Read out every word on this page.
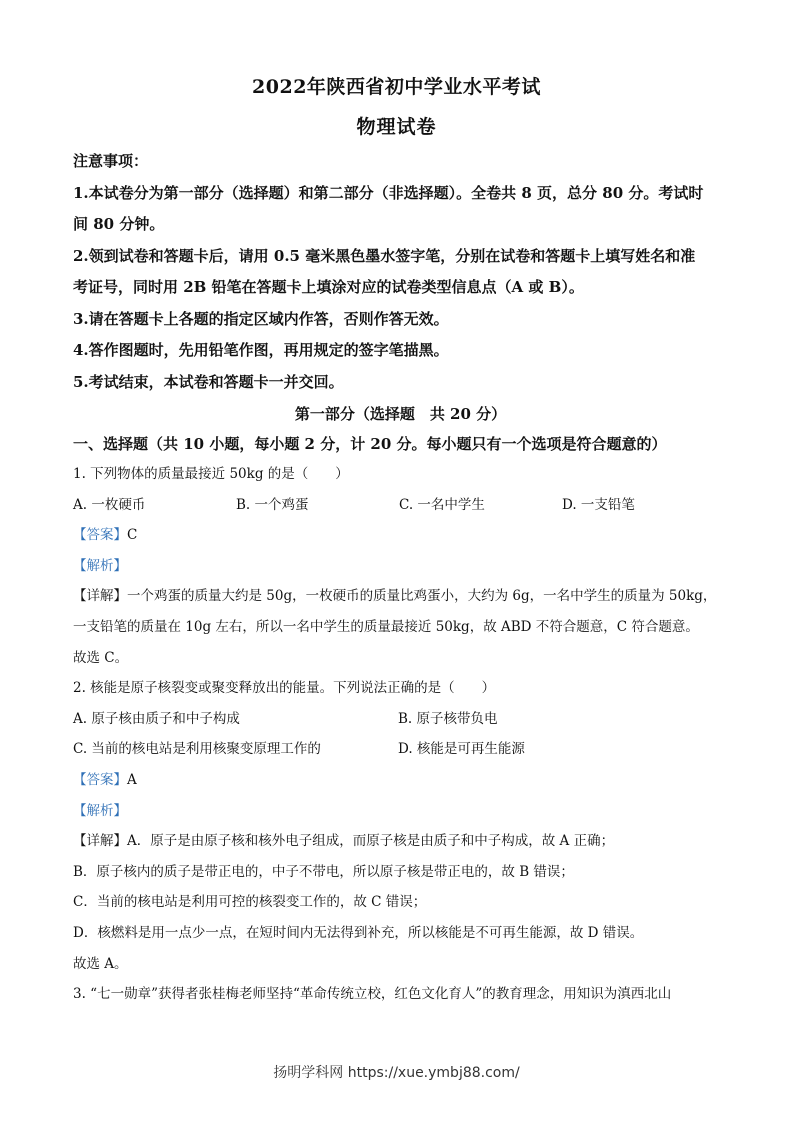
2022年陕西省初中学业水平考试
物理试卷
注意事项：
1.本试卷分为第一部分（选择题）和第二部分（非选择题）。全卷共 8 页，总分 80 分。考试时
间 80 分钟。
2.领到试卷和答题卡后，请用 0.5 毫米黑色墨水签字笔，分别在试卷和答题卡上填写姓名和准
考证号，同时用 2B 铅笔在答题卡上填涂对应的试卷类型信息点（A 或 B）。
3.请在答题卡上各题的指定区域内作答，否则作答无效。
4.答作图题时，先用铅笔作图，再用规定的签字笔描黑。
5.考试结束，本试卷和答题卡一并交回。
第一部分（选择题　共 20 分）
一、选择题（共 10 小题，每小题 2 分，计 20 分。每小题只有一个选项是符合题意的）
1. 下列物体的质量最接近 50kg 的是（　　）
A. 一枚硬币	B. 一个鸡蛋	C. 一名中学生	D. 一支铅笔
【答案】C
【解析】
【详解】一个鸡蛋的质量大约是 50g，一枚硬币的质量比鸡蛋小，大约为 6g，一名中学生的质量为 50kg，
一支铅笔的质量在 10g 左右，所以一名中学生的质量最接近 50kg，故 ABD 不符合题意，C 符合题意。
故选 C。
2. 核能是原子核裂变或聚变释放出的能量。下列说法正确的是（　　）
A. 原子核由质子和中子构成	B. 原子核带负电
C. 当前的核电站是利用核聚变原理工作的	D. 核能是可再生能源
【答案】A
【解析】
【详解】A．原子是由原子核和核外电子组成，而原子核是由质子和中子构成，故 A 正确；
B．原子核内的质子是带正电的，中子不带电，所以原子核是带正电的，故 B 错误；
C．当前的核电站是利用可控的核裂变工作的，故 C 错误；
D．核燃料是用一点少一点，在短时间内无法得到补充，所以核能是不可再生能源，故 D 错误。
故选 A。
3. “七一勋章”获得者张桂梅老师坚持“革命传统立校，红色文化育人”的教育理念，用知识为滇西北山
扬明学科网 https://xue.ymbj88.com/
